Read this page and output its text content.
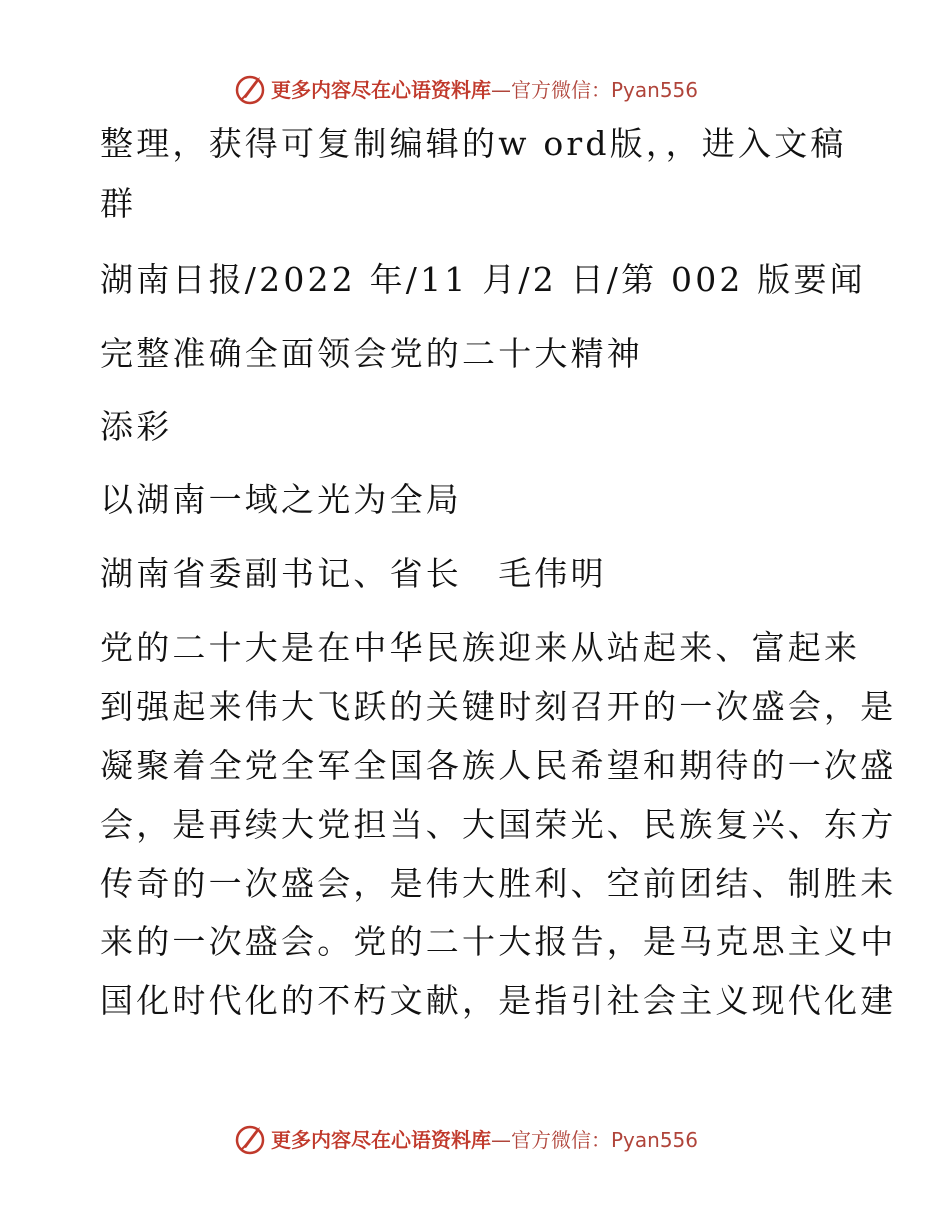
更多内容尽在心语资料库—官方微信：Pyan556
整理，获得可复制编辑的w ord版，，进入文稿
群
湖南日报/2022 年/11 月/2 日/第 002 版要闻
完整准确全面领会党的二十大精神
添彩
以湖南一域之光为全局
湖南省委副书记、省长　毛伟明
党的二十大是在中华民族迎来从站起来、富起来
到强起来伟大飞跃的关键时刻召开的一次盛会，是
凝聚着全党全军全国各族人民希望和期待的一次盛
会，是再续大党担当、大国荣光、民族复兴、东方
传奇的一次盛会，是伟大胜利、空前团结、制胜未
来的一次盛会。党的二十大报告，是马克思主义中
国化时代化的不朽文献，是指引社会主义现代化建
更多内容尽在心语资料库—官方微信：Pyan556
